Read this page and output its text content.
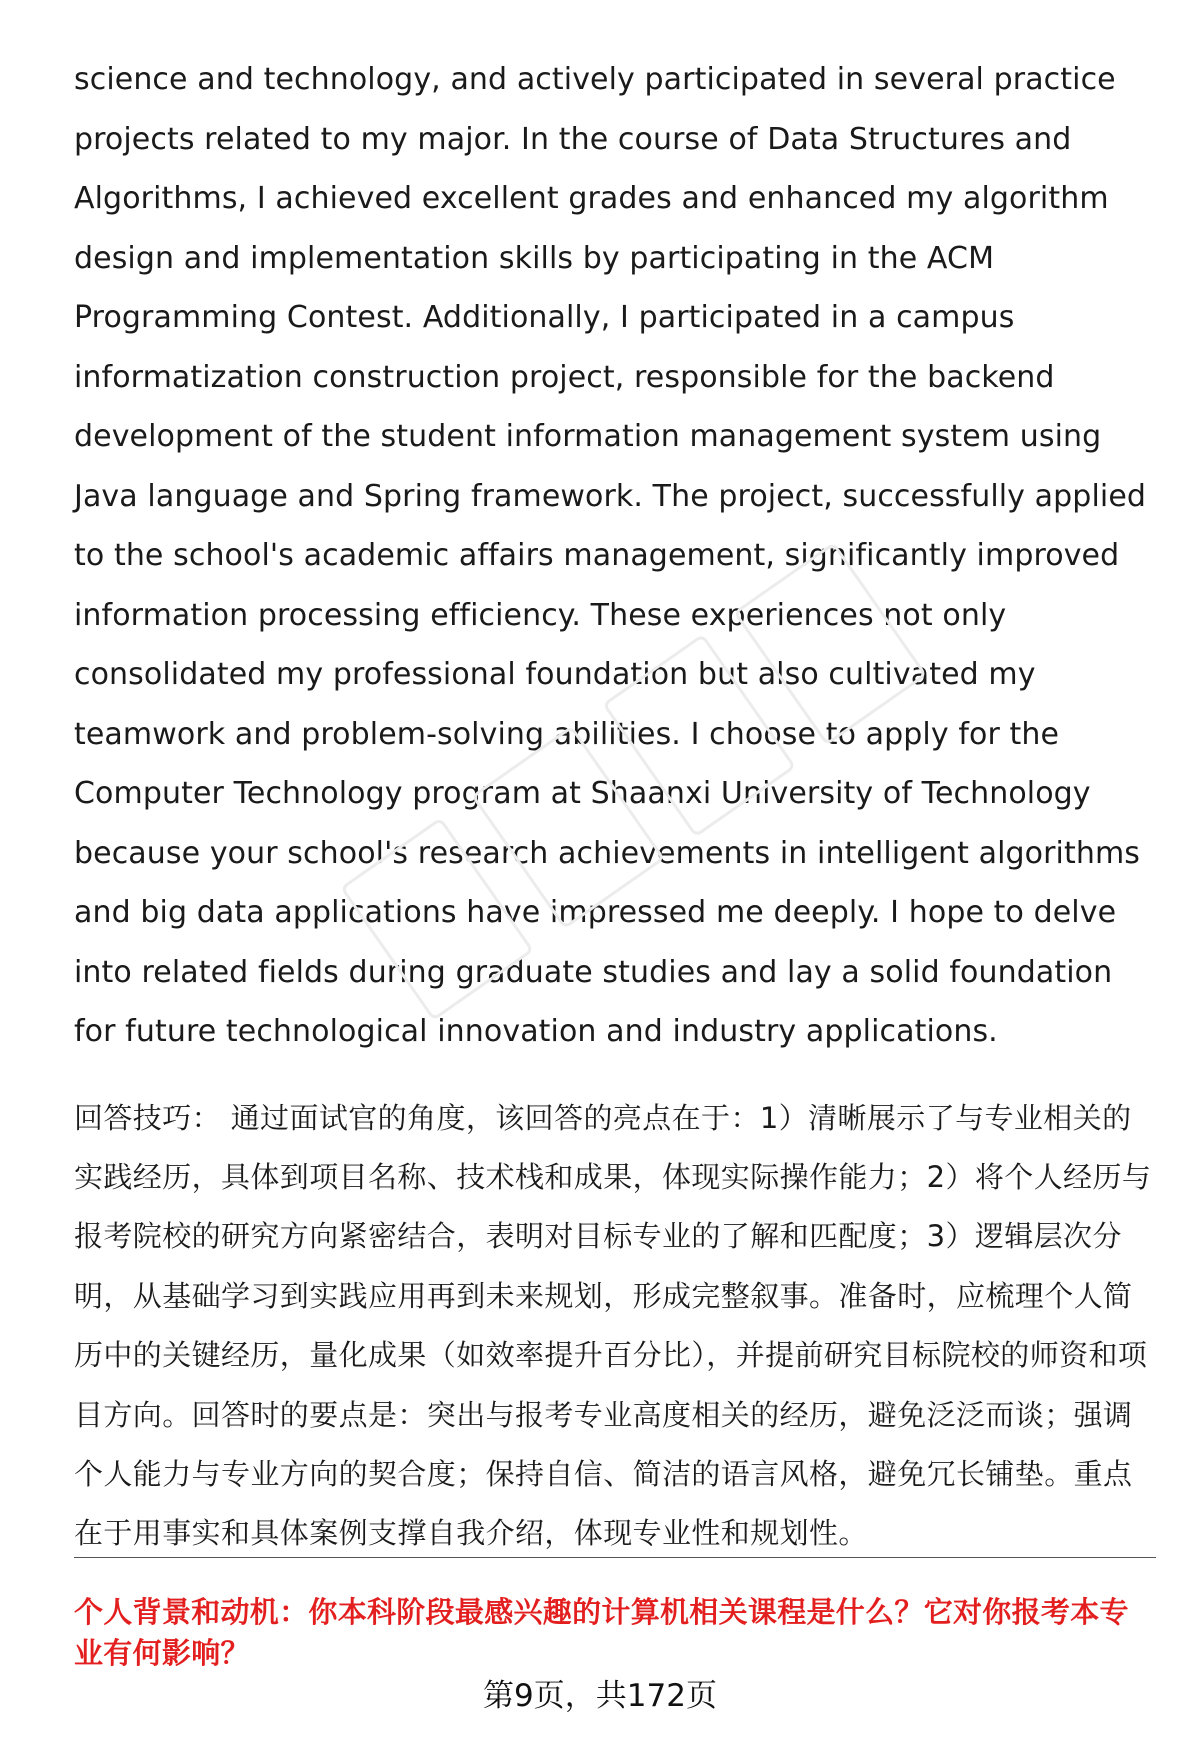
science and technology, and actively participated in several practice projects related to my major. In the course of Data Structures and Algorithms, I achieved excellent grades and enhanced my algorithm design and implementation skills by participating in the ACM Programming Contest. Additionally, I participated in a campus informatization construction project, responsible for the backend development of the student information management system using Java language and Spring framework. The project, successfully applied to the school's academic affairs management, significantly improved information processing efficiency. These experiences not only consolidated my professional foundation but also cultivated my teamwork and problem-solving abilities. I choose to apply for the Computer Technology program at Shaanxi University of Technology because your school's research achievements in intelligent algorithms and big data applications have impressed me deeply. I hope to delve into related fields during graduate studies and lay a solid foundation for future technological innovation and industry applications.

回答技巧： 通过面试官的角度，该回答的亮点在于：1）清晰展示了与专业相关的实践经历，具体到项目名称、技术栈和成果，体现实际操作能力；2）将个人经历与报考院校的研究方向紧密结合，表明对目标专业的了解和匹配度；3）逻辑层次分明，从基础学习到实践应用再到未来规划，形成完整叙事。准备时，应梳理个人简历中的关键经历，量化成果（如效率提升百分比），并提前研究目标院校的师资和项目方向。回答时的要点是：突出与报考专业高度相关的经历，避免泛泛而谈；强调个人能力与专业方向的契合度；保持自信、简洁的语言风格，避免冗长铺垫。重点在于用事实和具体案例支撑自我介绍，体现专业性和规划性。

个人背景和动机：你本科阶段最感兴趣的计算机相关课程是什么？它对你报考本专业有何影响？

第9页，共172页
